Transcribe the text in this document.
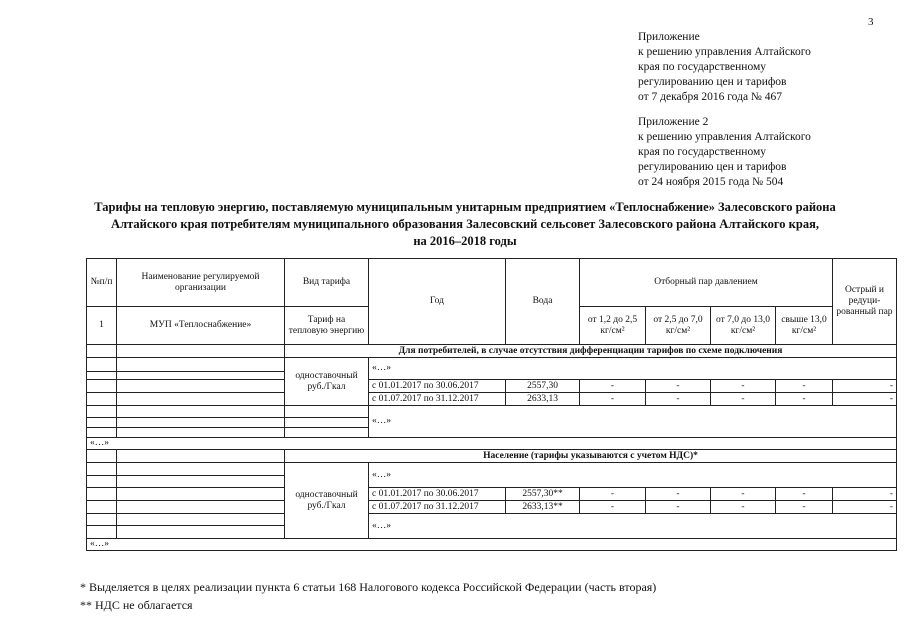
3
Приложение
к решению управления Алтайского
края по государственному
регулированию цен и тарифов
от 7 декабря 2016 года № 467
Приложение 2
к решению управления Алтайского
края по государственному
регулированию цен и тарифов
от 24 ноября 2015 года № 504
Тарифы на тепловую энергию, поставляемую муниципальным унитарным предприятием «Теплоснабжение» Залесовского района
Алтайского края потребителям муниципального образования Залесовский сельсовет Залесовского района Алтайского края,
на 2016–2018 годы
№п/п	Наименование регулируемой организации	Вид тарифа	Год	Вода	Отборный пар давлением				Острый и редуци-рованный пар
1	МУП «Теплоснабжение»	Тариф на тепловую энергию			от 1,2 до 2,5 кг/см²	от 2,5 до 7,0 кг/см²	от 7,0 до 13,0 кг/см²	свыше 13,0 кг/см²	
		Для потребителей, в случае отсутствия дифференциации тарифов по схеме подключения							
		одноставочный руб./Гкал	«…»						

			с 01.01.2017 по 30.06.2017	2557,30	-	-	-	-	-
			с 01.07.2017 по 31.12.2017	2633,13	-	-	-	-	-
			«…»						

«…»									
		Население (тарифы указываются с учетом НДС)*							
		одноставочный руб./Гкал	«…»						

			с 01.01.2017 по 30.06.2017	2557,30**	-	-	-	-	-
			с 01.07.2017 по 31.12.2017	2633,13**	-	-	-	-	-
			«…»						

«…»									
* Выделяется в целях реализации пункта 6 статьи 168 Налогового кодекса Российской Федерации (часть вторая)
** НДС не облагается
